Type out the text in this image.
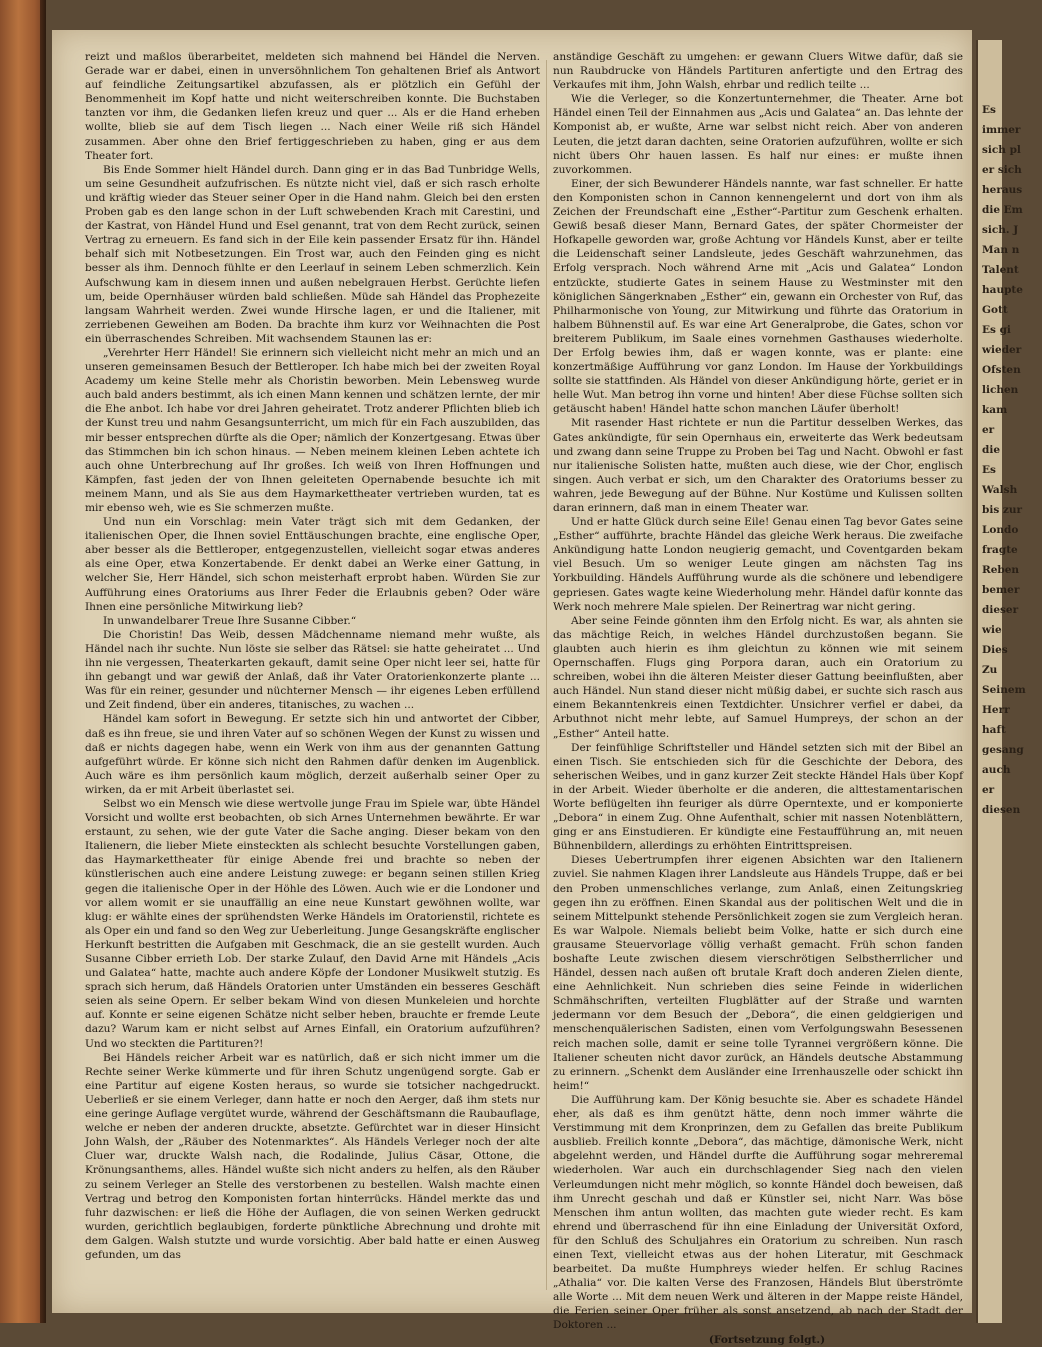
Es
immer
sich pl
er sich
heraus
die Em
sich. J
Man n
Talent
haupte
Gott
Es gi
wieder
Ofsten
lichen
kam
er
die
Es
Walsh
bis zur
Londo
fragte
Reben
bemer
dieser
wie
Dies
Zu
Seinem
Herr
haft
gesang
auch
er
diesen

reizt und maßlos überarbeitet, meldeten sich mahnend bei Händel die Nerven. Gerade war er dabei, einen in unversöhnlichem Ton gehaltenen Brief als Antwort auf feindliche Zeitungsartikel abzufassen, als er plötzlich ein Gefühl der Benommenheit im Kopf hatte und nicht weiterschreiben konnte. Die Buchstaben tanzten vor ihm, die Gedanken liefen kreuz und quer ... Als er die Hand erheben wollte, blieb sie auf dem Tisch liegen ... Nach einer Weile riß sich Händel zusammen. Aber ohne den Brief fertiggeschrieben zu haben, ging er aus dem Theater fort.

Bis Ende Sommer hielt Händel durch. Dann ging er in das Bad Tunbridge Wells, um seine Gesundheit aufzufrischen. Es nützte nicht viel, daß er sich rasch erholte und kräftig wieder das Steuer seiner Oper in die Hand nahm. Gleich bei den ersten Proben gab es den lange schon in der Luft schwebenden Krach mit Carestini, und der Kastrat, von Händel Hund und Esel genannt, trat von dem Recht zurück, seinen Vertrag zu erneuern. Es fand sich in der Eile kein passender Ersatz für ihn. Händel behalf sich mit Notbesetzungen. Ein Trost war, auch den Feinden ging es nicht besser als ihm. Dennoch fühlte er den Leerlauf in seinem Leben schmerzlich. Kein Aufschwung kam in diesem innen und außen nebelgrauen Herbst. Gerüchte liefen um, beide Opernhäuser würden bald schließen. Müde sah Händel das Prophezeite langsam Wahrheit werden. Zwei wunde Hirsche lagen, er und die Italiener, mit zerriebenen Geweihen am Boden. Da brachte ihm kurz vor Weihnachten die Post ein überraschendes Schreiben. Mit wachsendem Staunen las er:

„Verehrter Herr Händel! Sie erinnern sich vielleicht nicht mehr an mich und an unseren gemeinsamen Besuch der Bettleroper. Ich habe mich bei der zweiten Royal Academy um keine Stelle mehr als Choristin beworben. Mein Lebensweg wurde auch bald anders bestimmt, als ich einen Mann kennen und schätzen lernte, der mir die Ehe anbot. Ich habe vor drei Jahren geheiratet. Trotz anderer Pflichten blieb ich der Kunst treu und nahm Gesangsunterricht, um mich für ein Fach auszubilden, das mir besser entsprechen dürfte als die Oper; nämlich der Konzertgesang. Etwas über das Stimmchen bin ich schon hinaus. — Neben meinem kleinen Leben achtete ich auch ohne Unterbrechung auf Ihr großes. Ich weiß von Ihren Hoffnungen und Kämpfen, fast jeden der von Ihnen geleiteten Opernabende besuchte ich mit meinem Mann, und als Sie aus dem Haymarkettheater vertrieben wurden, tat es mir ebenso weh, wie es Sie schmerzen mußte.

Und nun ein Vorschlag: mein Vater trägt sich mit dem Gedanken, der italienischen Oper, die Ihnen soviel Enttäuschungen brachte, eine englische Oper, aber besser als die Bettleroper, entgegenzustellen, vielleicht sogar etwas anderes als eine Oper, etwa Konzertabende. Er denkt dabei an Werke einer Gattung, in welcher Sie, Herr Händel, sich schon meisterhaft erprobt haben. Würden Sie zur Aufführung eines Oratoriums aus Ihrer Feder die Erlaubnis geben? Oder wäre Ihnen eine persönliche Mitwirkung lieb?

In unwandelbarer Treue Ihre Susanne Cibber.“

Die Choristin! Das Weib, dessen Mädchenname niemand mehr wußte, als Händel nach ihr suchte. Nun löste sie selber das Rätsel: sie hatte geheiratet ... Und ihn nie vergessen, Theaterkarten gekauft, damit seine Oper nicht leer sei, hatte für ihn gebangt und war gewiß der Anlaß, daß ihr Vater Oratorienkonzerte plante ... Was für ein reiner, gesunder und nüchterner Mensch — ihr eigenes Leben erfüllend und Zeit findend, über ein anderes, titanisches, zu wachen ...

Händel kam sofort in Bewegung. Er setzte sich hin und antwortet der Cibber, daß es ihn freue, sie und ihren Vater auf so schönen Wegen der Kunst zu wissen und daß er nichts dagegen habe, wenn ein Werk von ihm aus der genannten Gattung aufgeführt würde. Er könne sich nicht den Rahmen dafür denken im Augenblick. Auch wäre es ihm persönlich kaum möglich, derzeit außerhalb seiner Oper zu wirken, da er mit Arbeit überlastet sei.

Selbst wo ein Mensch wie diese wertvolle junge Frau im Spiele war, übte Händel Vorsicht und wollte erst beobachten, ob sich Arnes Unternehmen bewährte. Er war erstaunt, zu sehen, wie der gute Vater die Sache anging. Dieser bekam von den Italienern, die lieber Miete einsteckten als schlecht besuchte Vorstellungen gaben, das Haymarkettheater für einige Abende frei und brachte so neben der künstlerischen auch eine andere Leistung zuwege: er begann seinen stillen Krieg gegen die italienische Oper in der Höhle des Löwen. Auch wie er die Londoner und vor allem womit er sie unauffällig an eine neue Kunstart gewöhnen wollte, war klug: er wählte eines der sprühendsten Werke Händels im Oratorienstil, richtete es als Oper ein und fand so den Weg zur Ueberleitung. Junge Gesangskräfte englischer Herkunft bestritten die Aufgaben mit Geschmack, die an sie gestellt wurden. Auch Susanne Cibber errieth Lob. Der starke Zulauf, den David Arne mit Händels „Acis und Galatea“ hatte, machte auch andere Köpfe der Londoner Musikwelt stutzig. Es sprach sich herum, daß Händels Oratorien unter Umständen ein besseres Geschäft seien als seine Opern. Er selber bekam Wind von diesen Munkeleien und horchte auf. Konnte er seine eigenen Schätze nicht selber heben, brauchte er fremde Leute dazu? Warum kam er nicht selbst auf Arnes Einfall, ein Oratorium aufzuführen? Und wo steckten die Partituren?!

Bei Händels reicher Arbeit war es natürlich, daß er sich nicht immer um die Rechte seiner Werke kümmerte und für ihren Schutz ungenügend sorgte. Gab er eine Partitur auf eigene Kosten heraus, so wurde sie totsicher nachgedruckt. Ueberließ er sie einem Verleger, dann hatte er noch den Aerger, daß ihm stets nur eine geringe Auflage vergütet wurde, während der Geschäftsmann die Raubauflage, welche er neben der anderen druckte, absetzte. Gefürchtet war in dieser Hinsicht John Walsh, der „Räuber des Notenmarktes“. Als Händels Verleger noch der alte Cluer war, druckte Walsh nach, die Rodalinde, Julius Cäsar, Ottone, die Krönungsanthems, alles. Händel wußte sich nicht anders zu helfen, als den Räuber zu seinem Verleger an Stelle des verstorbenen zu bestellen. Walsh machte einen Vertrag und betrog den Komponisten fortan hinterrücks. Händel merkte das und fuhr dazwischen: er ließ die Höhe der Auflagen, die von seinen Werken gedruckt wurden, gerichtlich beglaubigen, forderte pünktliche Abrechnung und drohte mit dem Galgen. Walsh stutzte und wurde vorsichtig. Aber bald hatte er einen Ausweg gefunden, um das

anständige Geschäft zu umgehen: er gewann Cluers Witwe dafür, daß sie nun Raubdrucke von Händels Partituren anfertigte und den Ertrag des Verkaufes mit ihm, John Walsh, ehrbar und redlich teilte ...

Wie die Verleger, so die Konzertunternehmer, die Theater. Arne bot Händel einen Teil der Einnahmen aus „Acis und Galatea“ an. Das lehnte der Komponist ab, er wußte, Arne war selbst nicht reich. Aber von anderen Leuten, die jetzt daran dachten, seine Oratorien aufzuführen, wollte er sich nicht übers Ohr hauen lassen. Es half nur eines: er mußte ihnen zuvorkommen.

Einer, der sich Bewunderer Händels nannte, war fast schneller. Er hatte den Komponisten schon in Cannon kennengelernt und dort von ihm als Zeichen der Freundschaft eine „Esther“-Partitur zum Geschenk erhalten. Gewiß besaß dieser Mann, Bernard Gates, der später Chormeister der Hofkapelle geworden war, große Achtung vor Händels Kunst, aber er teilte die Leidenschaft seiner Landsleute, jedes Geschäft wahrzunehmen, das Erfolg versprach. Noch während Arne mit „Acis und Galatea“ London entzückte, studierte Gates in seinem Hause zu Westminster mit den königlichen Sängerknaben „Esther“ ein, gewann ein Orchester von Ruf, das Philharmonische von Young, zur Mitwirkung und führte das Oratorium in halbem Bühnenstil auf. Es war eine Art Generalprobe, die Gates, schon vor breiterem Publikum, im Saale eines vornehmen Gasthauses wiederholte. Der Erfolg bewies ihm, daß er wagen konnte, was er plante: eine konzertmäßige Aufführung vor ganz London. Im Hause der Yorkbuildings sollte sie stattfinden. Als Händel von dieser Ankündigung hörte, geriet er in helle Wut. Man betrog ihn vorne und hinten! Aber diese Füchse sollten sich getäuscht haben! Händel hatte schon manchen Läufer überholt!

Mit rasender Hast richtete er nun die Partitur desselben Werkes, das Gates ankündigte, für sein Opernhaus ein, erweiterte das Werk bedeutsam und zwang dann seine Truppe zu Proben bei Tag und Nacht. Obwohl er fast nur italienische Solisten hatte, mußten auch diese, wie der Chor, englisch singen. Auch verbat er sich, um den Charakter des Oratoriums besser zu wahren, jede Bewegung auf der Bühne. Nur Kostüme und Kulissen sollten daran erinnern, daß man in einem Theater war.

Und er hatte Glück durch seine Eile! Genau einen Tag bevor Gates seine „Esther“ aufführte, brachte Händel das gleiche Werk heraus. Die zweifache Ankündigung hatte London neugierig gemacht, und Coventgarden bekam viel Besuch. Um so weniger Leute gingen am nächsten Tag ins Yorkbuilding. Händels Aufführung wurde als die schönere und lebendigere gepriesen. Gates wagte keine Wiederholung mehr. Händel dafür konnte das Werk noch mehrere Male spielen. Der Reinertrag war nicht gering.

Aber seine Feinde gönnten ihm den Erfolg nicht. Es war, als ahnten sie das mächtige Reich, in welches Händel durchzustoßen begann. Sie glaubten auch hierin es ihm gleichtun zu können wie mit seinem Opernschaffen. Flugs ging Porpora daran, auch ein Oratorium zu schreiben, wobei ihn die älteren Meister dieser Gattung beeinflußten, aber auch Händel. Nun stand dieser nicht müßig dabei, er suchte sich rasch aus einem Bekanntenkreis einen Textdichter. Unsichrer verfiel er dabei, da Arbuthnot nicht mehr lebte, auf Samuel Humpreys, der schon an der „Esther“ Anteil hatte.

Der feinfühlige Schriftsteller und Händel setzten sich mit der Bibel an einen Tisch. Sie entschieden sich für die Geschichte der Debora, des seherischen Weibes, und in ganz kurzer Zeit steckte Händel Hals über Kopf in der Arbeit. Wieder überholte er die anderen, die alttestamentarischen Worte beflügelten ihn feuriger als dürre Operntexte, und er komponierte „Debora“ in einem Zug. Ohne Aufenthalt, schier mit nassen Notenblättern, ging er ans Einstudieren. Er kündigte eine Festaufführung an, mit neuen Bühnenbildern, allerdings zu erhöhten Eintrittspreisen.

Dieses Uebertrumpfen ihrer eigenen Absichten war den Italienern zuviel. Sie nahmen Klagen ihrer Landsleute aus Händels Truppe, daß er bei den Proben unmenschliches verlange, zum Anlaß, einen Zeitungskrieg gegen ihn zu eröffnen. Einen Skandal aus der politischen Welt und die in seinem Mittelpunkt stehende Persönlichkeit zogen sie zum Vergleich heran. Es war Walpole. Niemals beliebt beim Volke, hatte er sich durch eine grausame Steuervorlage völlig verhaßt gemacht. Früh schon fanden boshafte Leute zwischen diesem vierschrötigen Selbstherrlicher und Händel, dessen nach außen oft brutale Kraft doch anderen Zielen diente, eine Aehnlichkeit. Nun schrieben dies seine Feinde in widerlichen Schmähschriften, verteilten Flugblätter auf der Straße und warnten jedermann vor dem Besuch der „Debora“, die einen geldgierigen und menschenquälerischen Sadisten, einen vom Verfolgungswahn Besessenen reich machen solle, damit er seine tolle Tyrannei vergrößern könne. Die Italiener scheuten nicht davor zurück, an Händels deutsche Abstammung zu erinnern. „Schenkt dem Ausländer eine Irrenhauszelle oder schickt ihn heim!“

Die Aufführung kam. Der König besuchte sie. Aber es schadete Händel eher, als daß es ihm genützt hätte, denn noch immer währte die Verstimmung mit dem Kronprinzen, dem zu Gefallen das breite Publikum ausblieb. Freilich konnte „Debora“, das mächtige, dämonische Werk, nicht abgelehnt werden, und Händel durfte die Aufführung sogar mehreremal wiederholen. War auch ein durchschlagender Sieg nach den vielen Verleumdungen nicht mehr möglich, so konnte Händel doch beweisen, daß ihm Unrecht geschah und daß er Künstler sei, nicht Narr. Was böse Menschen ihm antun wollten, das machten gute wieder recht. Es kam ehrend und überraschend für ihn eine Einladung der Universität Oxford, für den Schluß des Schuljahres ein Oratorium zu schreiben. Nun rasch einen Text, vielleicht etwas aus der hohen Literatur, mit Geschmack bearbeitet. Da mußte Humphreys wieder helfen. Er schlug Racines „Athalia“ vor. Die kalten Verse des Franzosen, Händels Blut überströmte alle Worte ... Mit dem neuen Werk und älteren in der Mappe reiste Händel, die Ferien seiner Oper früher als sonst ansetzend, ab nach der Stadt der Doktoren ...

(Fortsetzung folgt.)
